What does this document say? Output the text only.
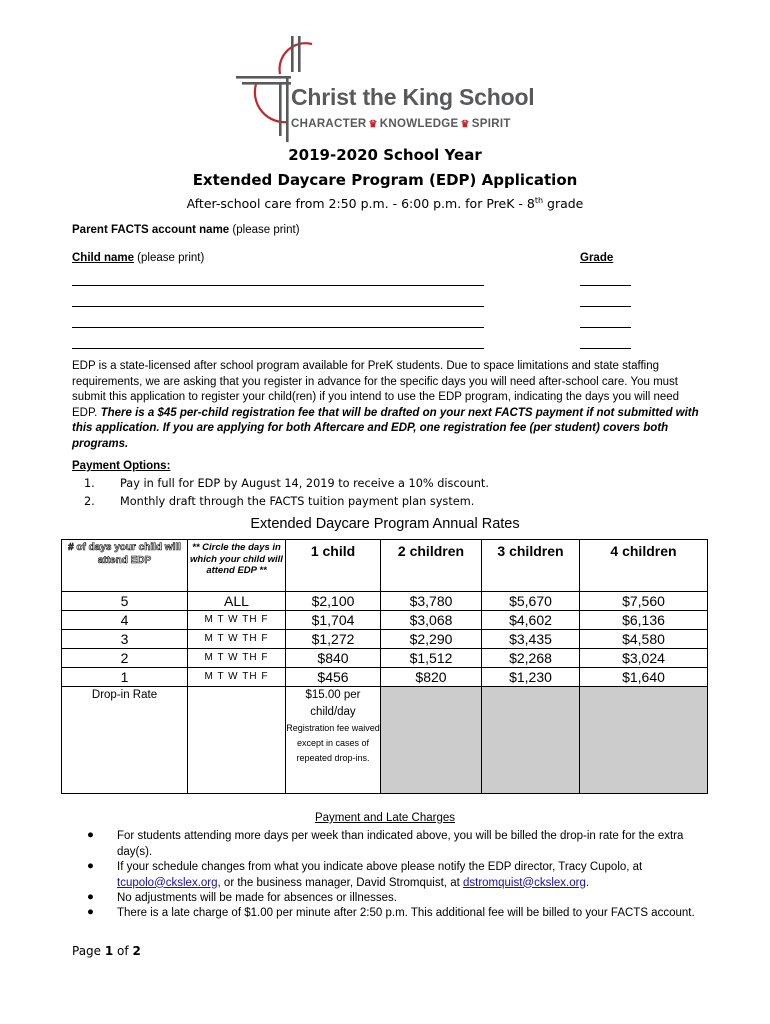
Christ the King School
CHARACTER ♛ KNOWLEDGE ♛ SPIRIT
2019-2020 School Year
Extended Daycare Program (EDP) Application
After-school care from 2:50 p.m. - 6:00 p.m. for PreK - 8th grade
Parent FACTS account name (please print)
Child name (please print)	Grade
EDP is a state-licensed after school program available for PreK students. Due to space limitations and state staffing requirements, we are asking that you register in advance for the specific days you will need after-school care. You must submit this application to register your child(ren) if you intend to use the EDP program, indicating the days you will need EDP. There is a $45 per-child registration fee that will be drafted on your next FACTS payment if not submitted with this application. If you are applying for both Aftercare and EDP, one registration fee (per student) covers both programs.
Payment Options:
1. Pay in full for EDP by August 14, 2019 to receive a 10% discount.
2. Monthly draft through the FACTS tuition payment plan system.
Extended Daycare Program Annual Rates
# of days your child will attend EDP	** Circle the days in which your child will attend EDP **	1 child	2 children	3 children	4 children
5	ALL	$2,100	$3,780	$5,670	$7,560
4	M T W TH F	$1,704	$3,068	$4,602	$6,136
3	M T W TH F	$1,272	$2,290	$3,435	$4,580
2	M T W TH F	$840	$1,512	$2,268	$3,024
1	M T W TH F	$456	$820	$1,230	$1,640
Drop-in Rate		$15.00 per child/day
Registration fee waived except in cases of repeated drop-ins.			

Payment and Late Charges
● For students attending more days per week than indicated above, you will be billed the drop-in rate for the extra day(s).
● If your schedule changes from what you indicate above please notify the EDP director, Tracy Cupolo, at tcupolo@ckslex.org, or the business manager, David Stromquist, at dstromquist@ckslex.org.
● No adjustments will be made for absences or illnesses.
● There is a late charge of $1.00 per minute after 2:50 p.m. This additional fee will be billed to your FACTS account.
Page 1 of 2
